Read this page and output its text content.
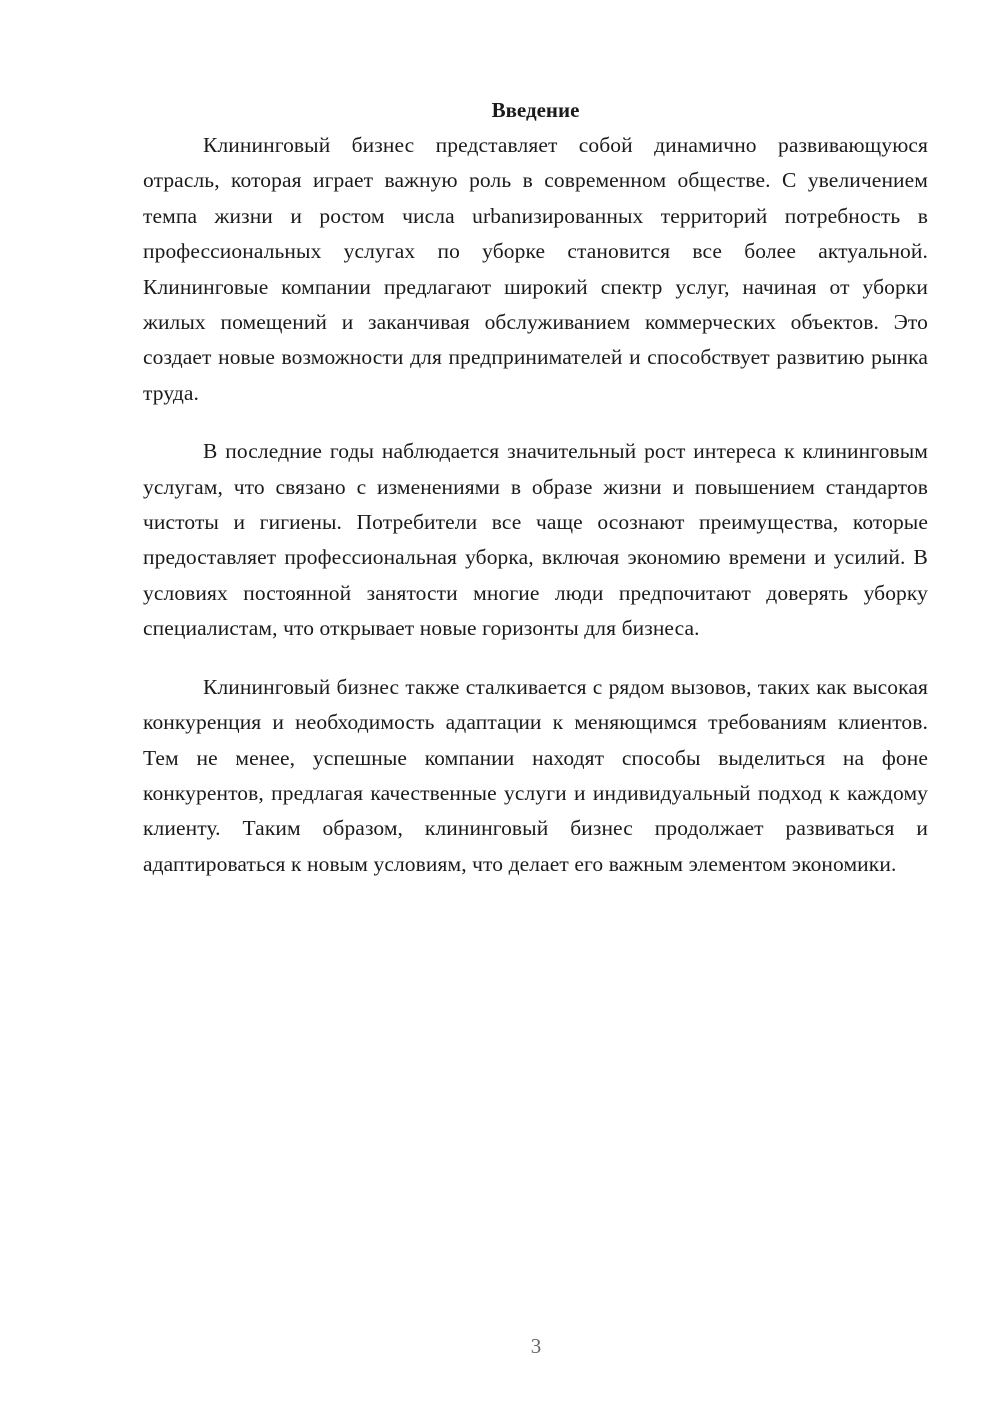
Введение

Клининговый бизнес представляет собой динамично развивающуюся отрасль, которая играет важную роль в современном обществе. С увеличением темпа жизни и ростом числа urbanизированных территорий потребность в профессиональных услугах по уборке становится все более актуальной. Клининговые компании предлагают широкий спектр услуг, начиная от уборки жилых помещений и заканчивая обслуживанием коммерческих объектов. Это создает новые возможности для предпринимателей и способствует развитию рынка труда.

В последние годы наблюдается значительный рост интереса к клининговым услугам, что связано с изменениями в образе жизни и повышением стандартов чистоты и гигиены. Потребители все чаще осознают преимущества, которые предоставляет профессиональная уборка, включая экономию времени и усилий. В условиях постоянной занятости многие люди предпочитают доверять уборку специалистам, что открывает новые горизонты для бизнеса.

Клининговый бизнес также сталкивается с рядом вызовов, таких как высокая конкуренция и необходимость адаптации к меняющимся требованиям клиентов. Тем не менее, успешные компании находят способы выделиться на фоне конкурентов, предлагая качественные услуги и индивидуальный подход к каждому клиенту. Таким образом, клининговый бизнес продолжает развиваться и адаптироваться к новым условиям, что делает его важным элементом экономики.

3
